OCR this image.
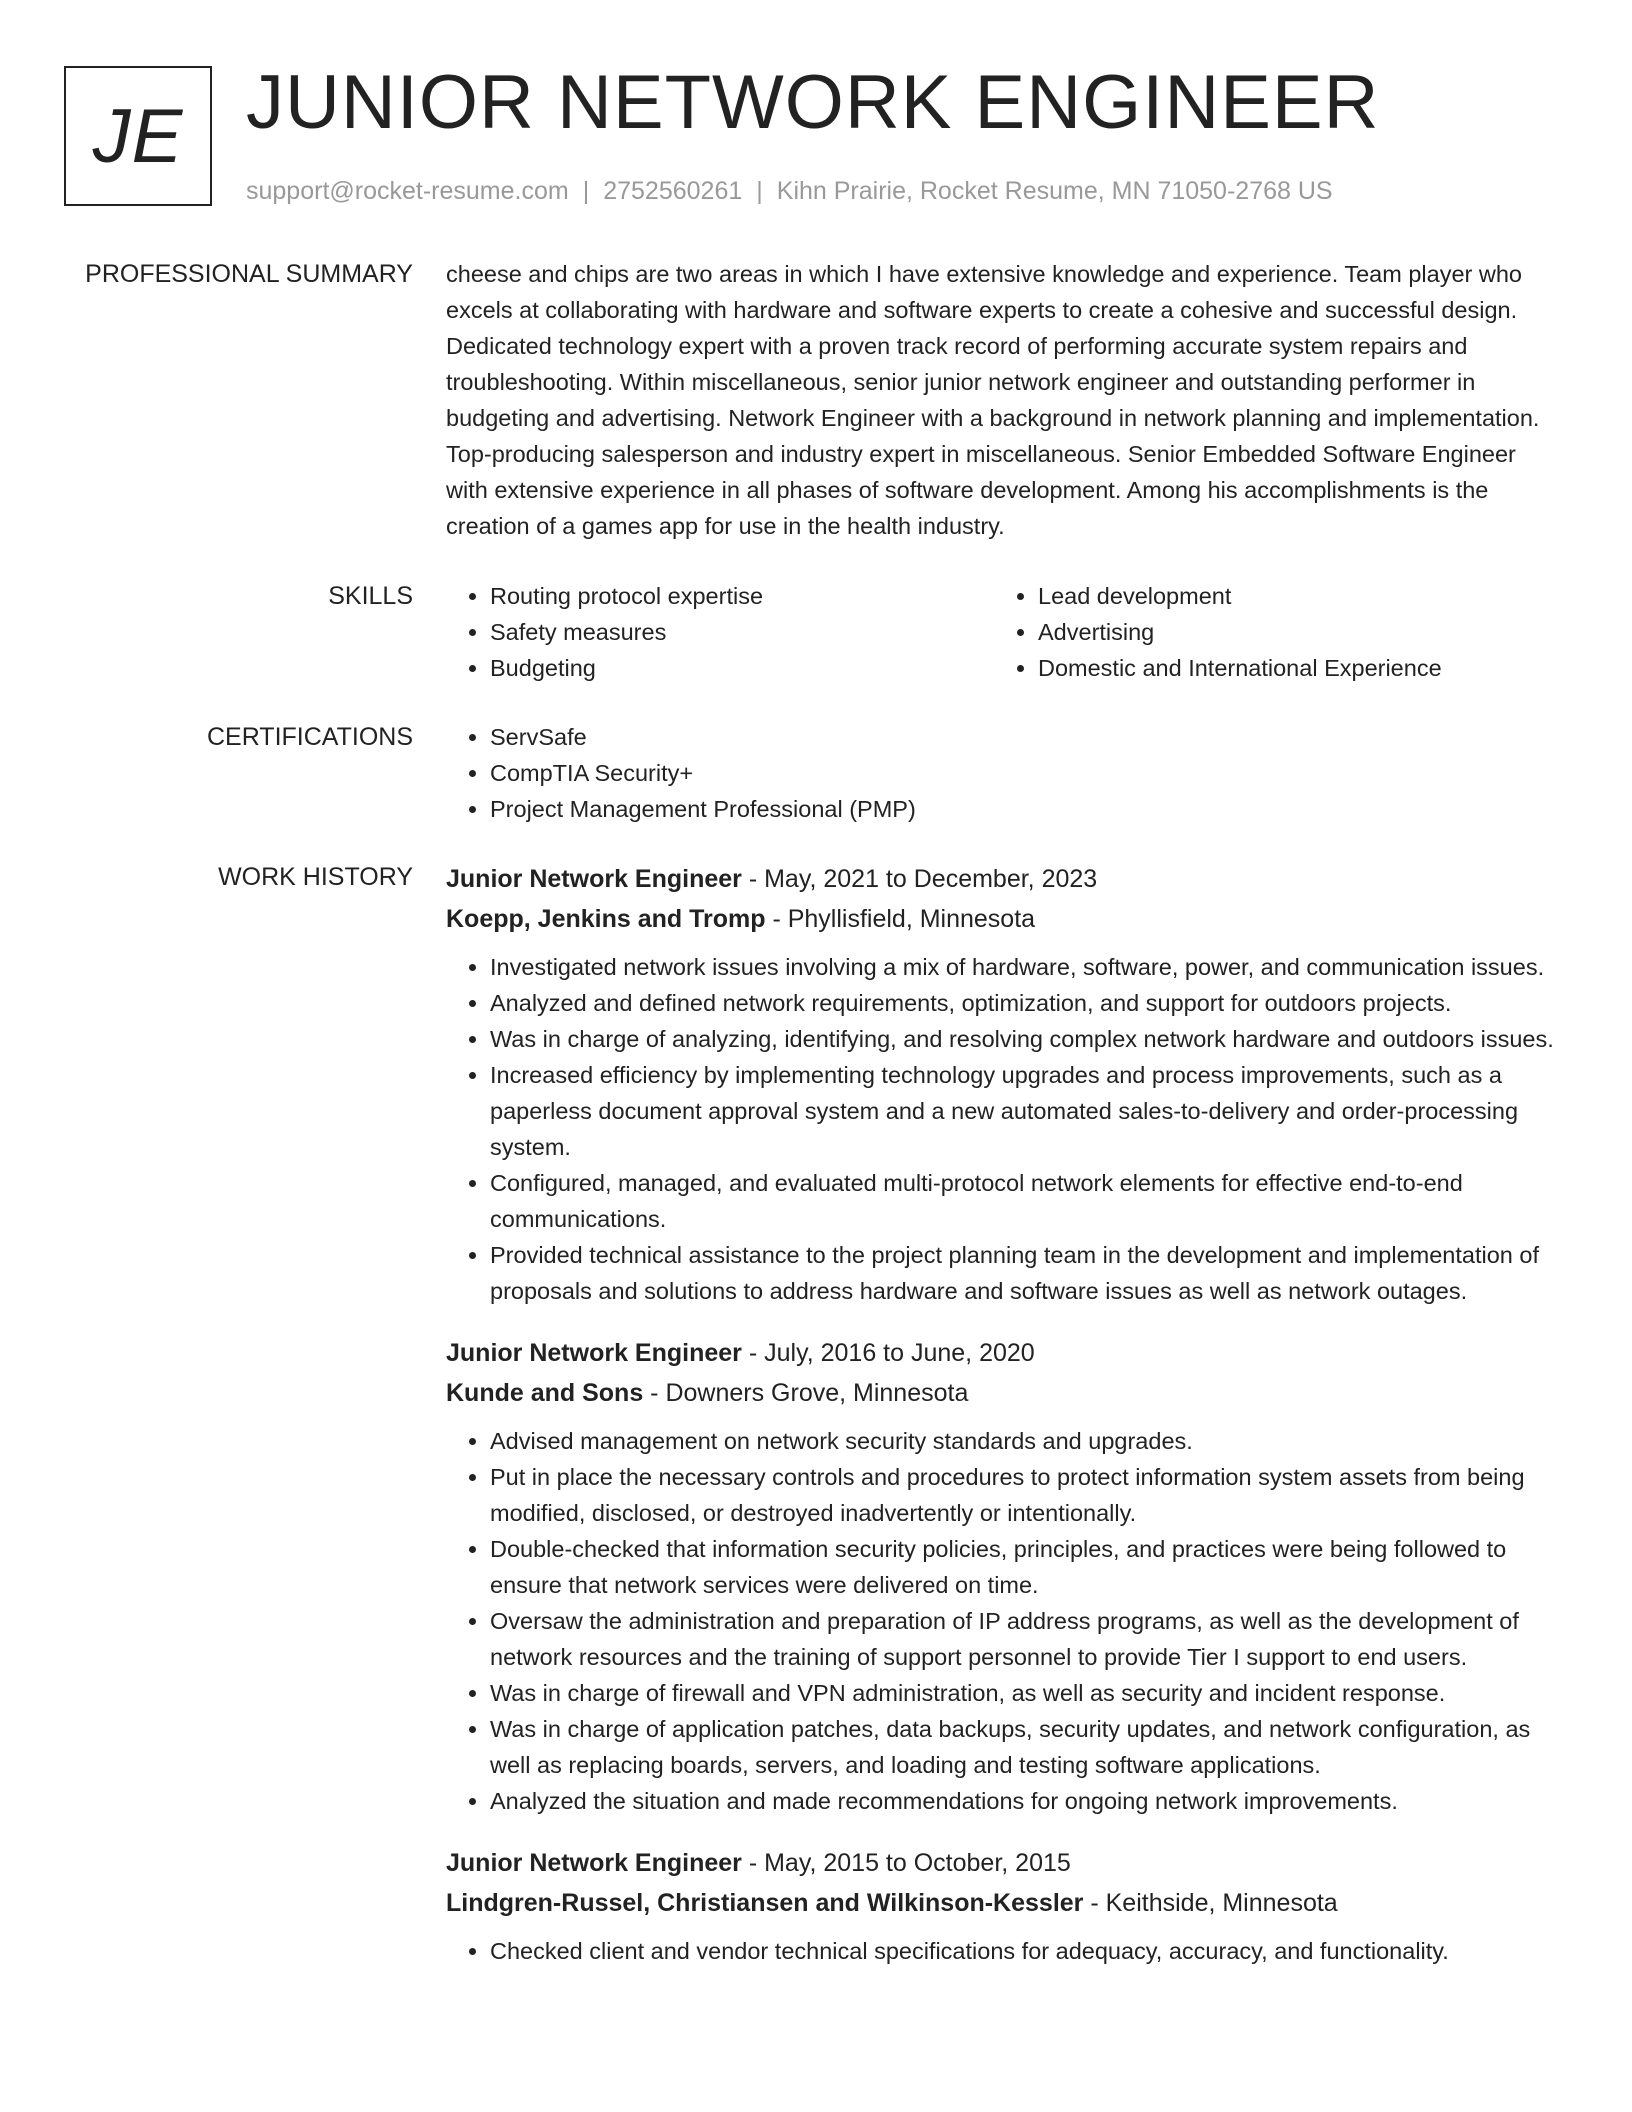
JE JUNIOR NETWORK ENGINEER
support@rocket-resume.com | 2752560261 | Kihn Prairie, Rocket Resume, MN 71050-2768 US
PROFESSIONAL SUMMARY cheese and chips are two areas in which I have extensive knowledge and experience. Team player who excels at collaborating with hardware and software experts to create a cohesive and successful design. Dedicated technology expert with a proven track record of performing accurate system repairs and troubleshooting. Within miscellaneous, senior junior network engineer and outstanding performer in budgeting and advertising. Network Engineer with a background in network planning and implementation. Top-producing salesperson and industry expert in miscellaneous. Senior Embedded Software Engineer with extensive experience in all phases of software development. Among his accomplishments is the creation of a games app for use in the health industry.

SKILLS	• Routing protocol expertise
• Safety measures
• Budgeting
• Lead development
• Advertising
• Domestic and International Experience
CERTIFICATIONS	• ServSafe
• CompTIA Security+
• Project Management Professional (PMP)
WORK HISTORY Junior Network Engineer - May, 2021 to December, 2023
Koepp, Jenkins and Tromp - Phyllisfield, Minnesota
• Investigated network issues involving a mix of hardware, software, power, and communication issues.
• Analyzed and defined network requirements, optimization, and support for outdoors projects.
• Was in charge of analyzing, identifying, and resolving complex network hardware and outdoors issues.
• Increased efficiency by implementing technology upgrades and process improvements, such as a paperless document approval system and a new automated sales-to-delivery and order-processing system.
• Configured, managed, and evaluated multi-protocol network elements for effective end-to-end communications.
• Provided technical assistance to the project planning team in the development and implementation of proposals and solutions to address hardware and software issues as well as network outages.
Junior Network Engineer - July, 2016 to June, 2020
Kunde and Sons - Downers Grove, Minnesota
• Advised management on network security standards and upgrades.
• Put in place the necessary controls and procedures to protect information system assets from being modified, disclosed, or destroyed inadvertently or intentionally.
• Double-checked that information security policies, principles, and practices were being followed to ensure that network services were delivered on time.
• Oversaw the administration and preparation of IP address programs, as well as the development of network resources and the training of support personnel to provide Tier I support to end users.
• Was in charge of firewall and VPN administration, as well as security and incident response.
• Was in charge of application patches, data backups, security updates, and network configuration, as well as replacing boards, servers, and loading and testing software applications.
• Analyzed the situation and made recommendations for ongoing network improvements.
Junior Network Engineer - May, 2015 to October, 2015
Lindgren-Russel, Christiansen and Wilkinson-Kessler - Keithside, Minnesota
• Checked client and vendor technical specifications for adequacy, accuracy, and functionality.
